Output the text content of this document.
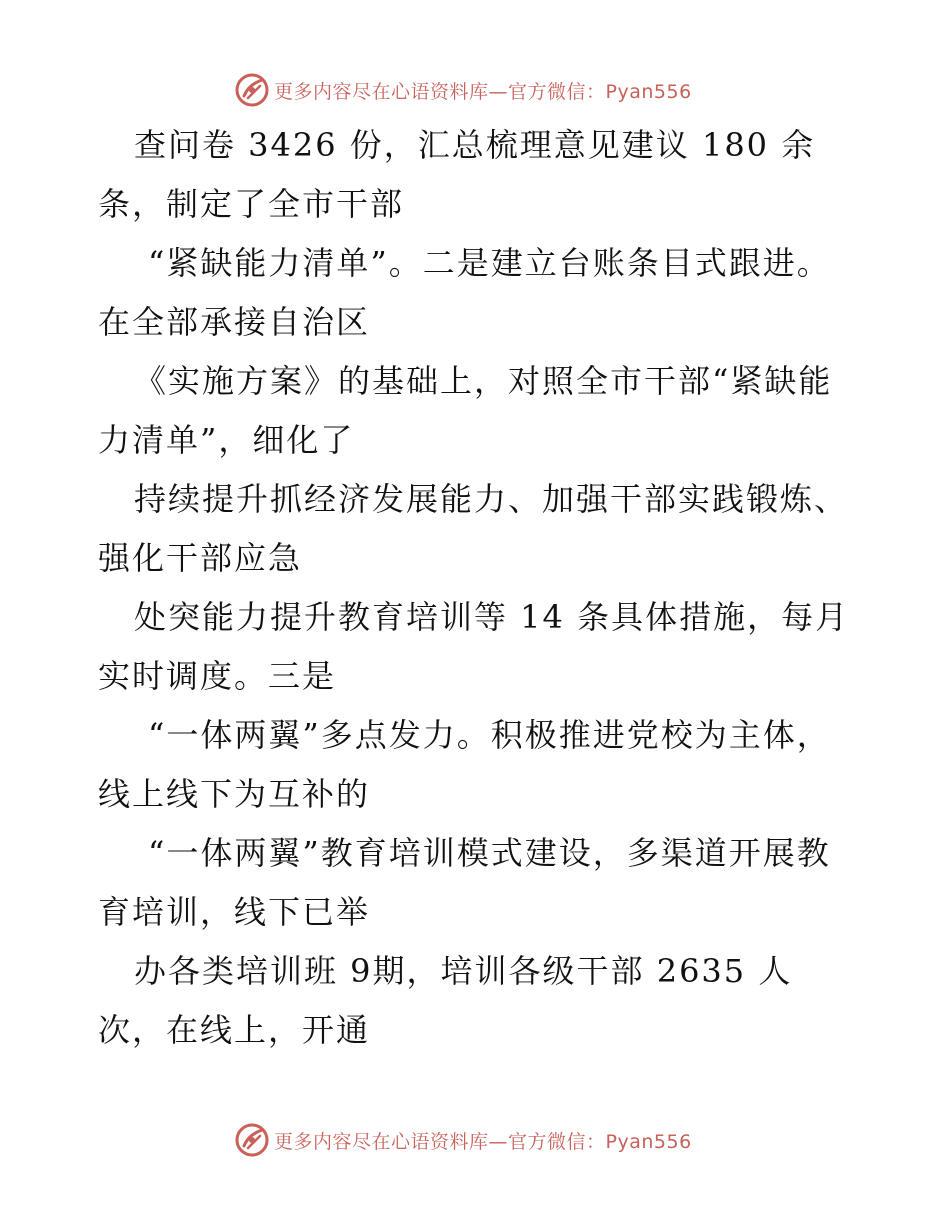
更多内容尽在心语资料库—官方微信：Pyan556
查问卷 3426 份，汇总梳理意见建议 180 余
条，制定了全市干部
“紧缺能力清单”。二是建立台账条目式跟进。
在全部承接自治区
《实施方案》的基础上，对照全市干部“紧缺能
力清单”，细化了
持续提升抓经济发展能力、加强干部实践锻炼、
强化干部应急
处突能力提升教育培训等 14 条具体措施，每月
实时调度。三是
“一体两翼”多点发力。积极推进党校为主体，
线上线下为互补的
“一体两翼”教育培训模式建设，多渠道开展教
育培训，线下已举
办各类培训班 9期，培训各级干部 2635 人
次，在线上，开通
更多内容尽在心语资料库—官方微信：Pyan556
